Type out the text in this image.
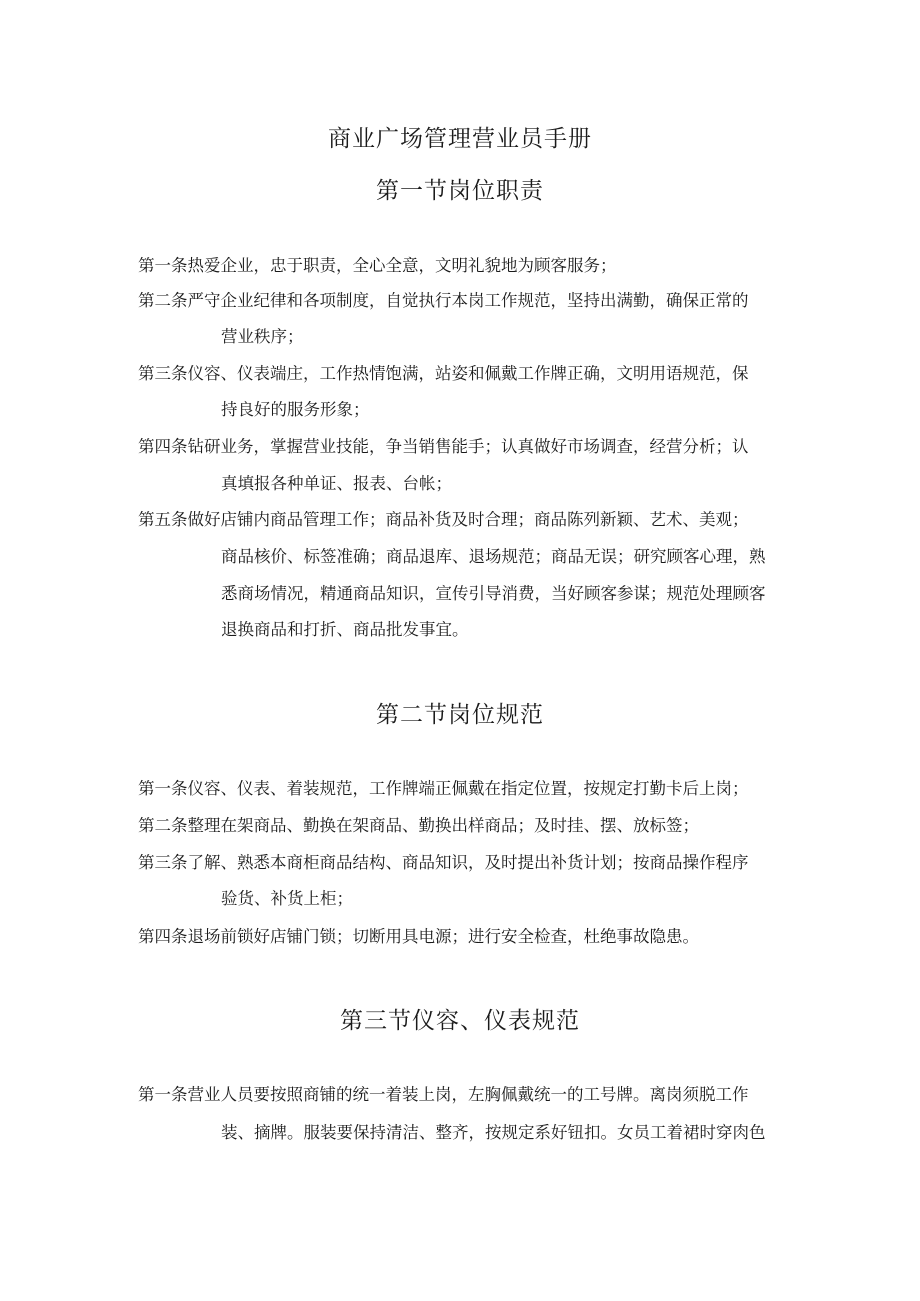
商业广场管理营业员手册
第一节岗位职责
第一条热爱企业，忠于职责，全心全意，文明礼貌地为顾客服务；
第二条严守企业纪律和各项制度，自觉执行本岗工作规范，坚持出满勤，确保正常的
营业秩序；
第三条仪容、仪表端庄，工作热情饱满，站姿和佩戴工作牌正确，文明用语规范，保
持良好的服务形象；
第四条钻研业务，掌握营业技能，争当销售能手；认真做好市场调查，经营分析；认
真填报各种单证、报表、台帐；
第五条做好店铺内商品管理工作；商品补货及时合理；商品陈列新颖、艺术、美观；
商品核价、标签准确；商品退库、退场规范；商品无误；研究顾客心理，熟
悉商场情况，精通商品知识，宣传引导消费，当好顾客参谋；规范处理顾客
退换商品和打折、商品批发事宜。
第二节岗位规范
第一条仪容、仪表、着装规范，工作牌端正佩戴在指定位置，按规定打勤卡后上岗；
第二条整理在架商品、勤换在架商品、勤换出样商品；及时挂、摆、放标签；
第三条了解、熟悉本商柜商品结构、商品知识，及时提出补货计划；按商品操作程序
验货、补货上柜；
第四条退场前锁好店铺门锁；切断用具电源；进行安全检查，杜绝事故隐患。
第三节仪容、仪表规范
第一条营业人员要按照商铺的统一着装上岗，左胸佩戴统一的工号牌。离岗须脱工作
装、摘牌。服装要保持清洁、整齐，按规定系好钮扣。女员工着裙时穿肉色
